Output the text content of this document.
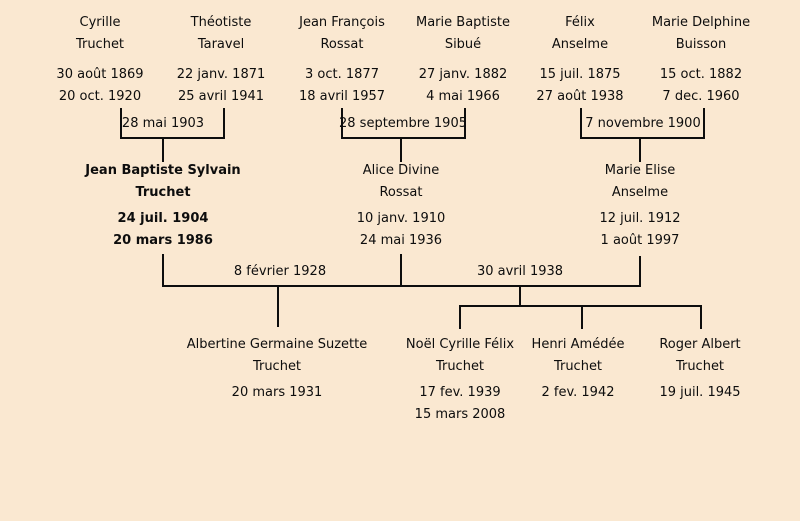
Cyrille
Truchet
30 août 1869
20 oct. 1920
Théotiste
Taravel
22 janv. 1871
25 avril 1941
Jean François
Rossat
3 oct. 1877
18 avril 1957
Marie Baptiste
Sibué
27 janv. 1882
4 mai 1966
Félix
Anselme
15 juil. 1875
27 août 1938
Marie Delphine
Buisson
15 oct. 1882
7 dec. 1960
28 mai 1903	28 septembre 1905	7 novembre 1900
Jean Baptiste Sylvain
Truchet
24 juil. 1904
20 mars 1986
Alice Divine
Rossat
10 janv. 1910
24 mai 1936
Marie Elise
Anselme
12 juil. 1912
1 août 1997
8 février 1928	30 avril 1938
Albertine Germaine Suzette
Truchet
20 mars 1931
Noël Cyrille Félix
Truchet
17 fev. 1939
15 mars 2008
Henri Amédée
Truchet
2 fev. 1942
Roger Albert
Truchet
19 juil. 1945
